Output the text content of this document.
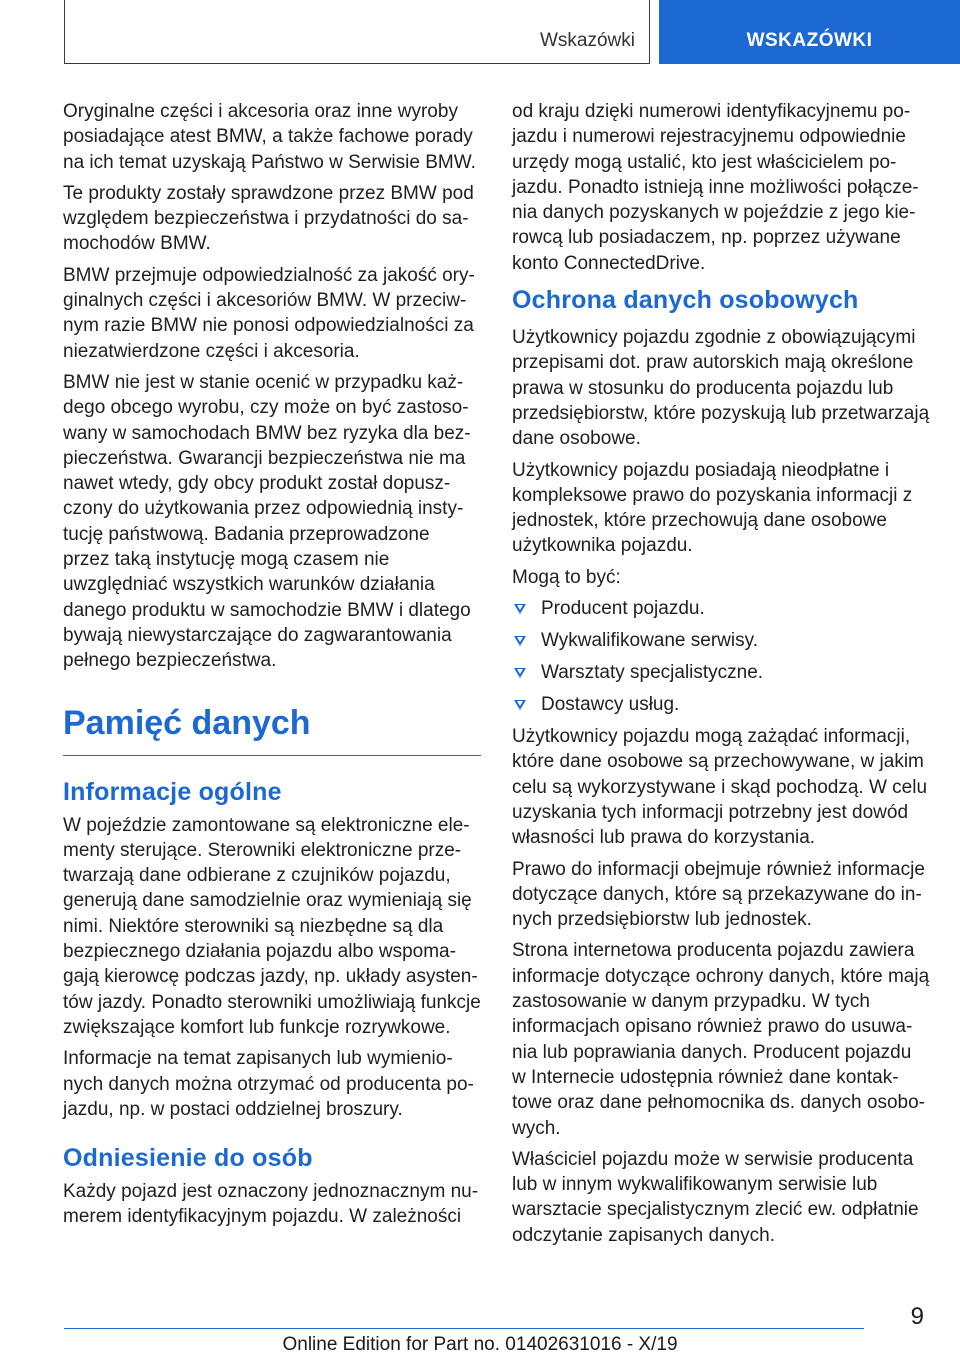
Wskazówki	WSKAZÓWKI

Oryginalne części i akcesoria oraz inne wyroby posiadające atest BMW, a także fachowe porady na ich temat uzyskają Państwo w Serwisie BMW.

Te produkty zostały sprawdzone przez BMW pod względem bezpieczeństwa i przydatności do samochodów BMW.

BMW przejmuje odpowiedzialność za jakość oryginalnych części i akcesoriów BMW. W przeciwnym razie BMW nie ponosi odpowiedzialności za niezatwierdzone części i akcesoria.

BMW nie jest w stanie ocenić w przypadku każdego obcego wyrobu, czy może on być zastosowany w samochodach BMW bez ryzyka dla bezpieczeństwa. Gwarancji bezpieczeństwa nie ma nawet wtedy, gdy obcy produkt został dopuszczony do użytkowania przez odpowiednią instytucję państwową. Badania przeprowadzone przez taką instytucję mogą czasem nie uwzględniać wszystkich warunków działania danego produktu w samochodzie BMW i dlatego bywają niewystarczające do zagwarantowania pełnego bezpieczeństwa.

Pamięć danych
Informacje ogólne

W pojeździe zamontowane są elektroniczne elementy sterujące. Sterowniki elektroniczne przetwarzają dane odbierane z czujników pojazdu, generują dane samodzielnie oraz wymieniają się nimi. Niektóre sterowniki są niezbędne są dla bezpiecznego działania pojazdu albo wspomagają kierowcę podczas jazdy, np. układy asystentów jazdy. Ponadto sterowniki umożliwiają funkcje zwiększające komfort lub funkcje rozrywkowe.

Informacje na temat zapisanych lub wymienionych danych można otrzymać od producenta pojazdu, np. w postaci oddzielnej broszury.

Odniesienie do osób

Każdy pojazd jest oznaczony jednoznacznym numerem identyfikacyjnym pojazdu. W zależności

od kraju dzięki numerowi identyfikacyjnemu pojazdu i numerowi rejestracyjnemu odpowiednie urzędy mogą ustalić, kto jest właścicielem pojazdu. Ponadto istnieją inne możliwości połączenia danych pozyskanych w pojeździe z jego kierowcą lub posiadaczem, np. poprzez używane konto ConnectedDrive.

Ochrona danych osobowych

Użytkownicy pojazdu zgodnie z obowiązującymi przepisami dot. praw autorskich mają określone prawa w stosunku do producenta pojazdu lub przedsiębiorstw, które pozyskują lub przetwarzają dane osobowe.

Użytkownicy pojazdu posiadają nieodpłatne i kompleksowe prawo do pozyskania informacji z jednostek, które przechowują dane osobowe użytkownika pojazdu.

Mogą to być:

Producent pojazdu.
Wykwalifikowane serwisy.
Warsztaty specjalistyczne.
Dostawcy usług.

Użytkownicy pojazdu mogą zażądać informacji, które dane osobowe są przechowywane, w jakim celu są wykorzystywane i skąd pochodzą. W celu uzyskania tych informacji potrzebny jest dowód własności lub prawa do korzystania.

Prawo do informacji obejmuje również informacje dotyczące danych, które są przekazywane do innych przedsiębiorstw lub jednostek.

Strona internetowa producenta pojazdu zawiera informacje dotyczące ochrony danych, które mają zastosowanie w danym przypadku. W tych informacjach opisano również prawo do usuwania lub poprawiania danych. Producent pojazdu w Internecie udostępnia również dane kontaktowe oraz dane pełnomocnika ds. danych osobowych.

Właściciel pojazdu może w serwisie producenta lub w innym wykwalifikowanym serwisie lub warsztacie specjalistycznym zlecić ew. odpłatnie odczytanie zapisanych danych.

9
Online Edition for Part no. 01402631016 - X/19
